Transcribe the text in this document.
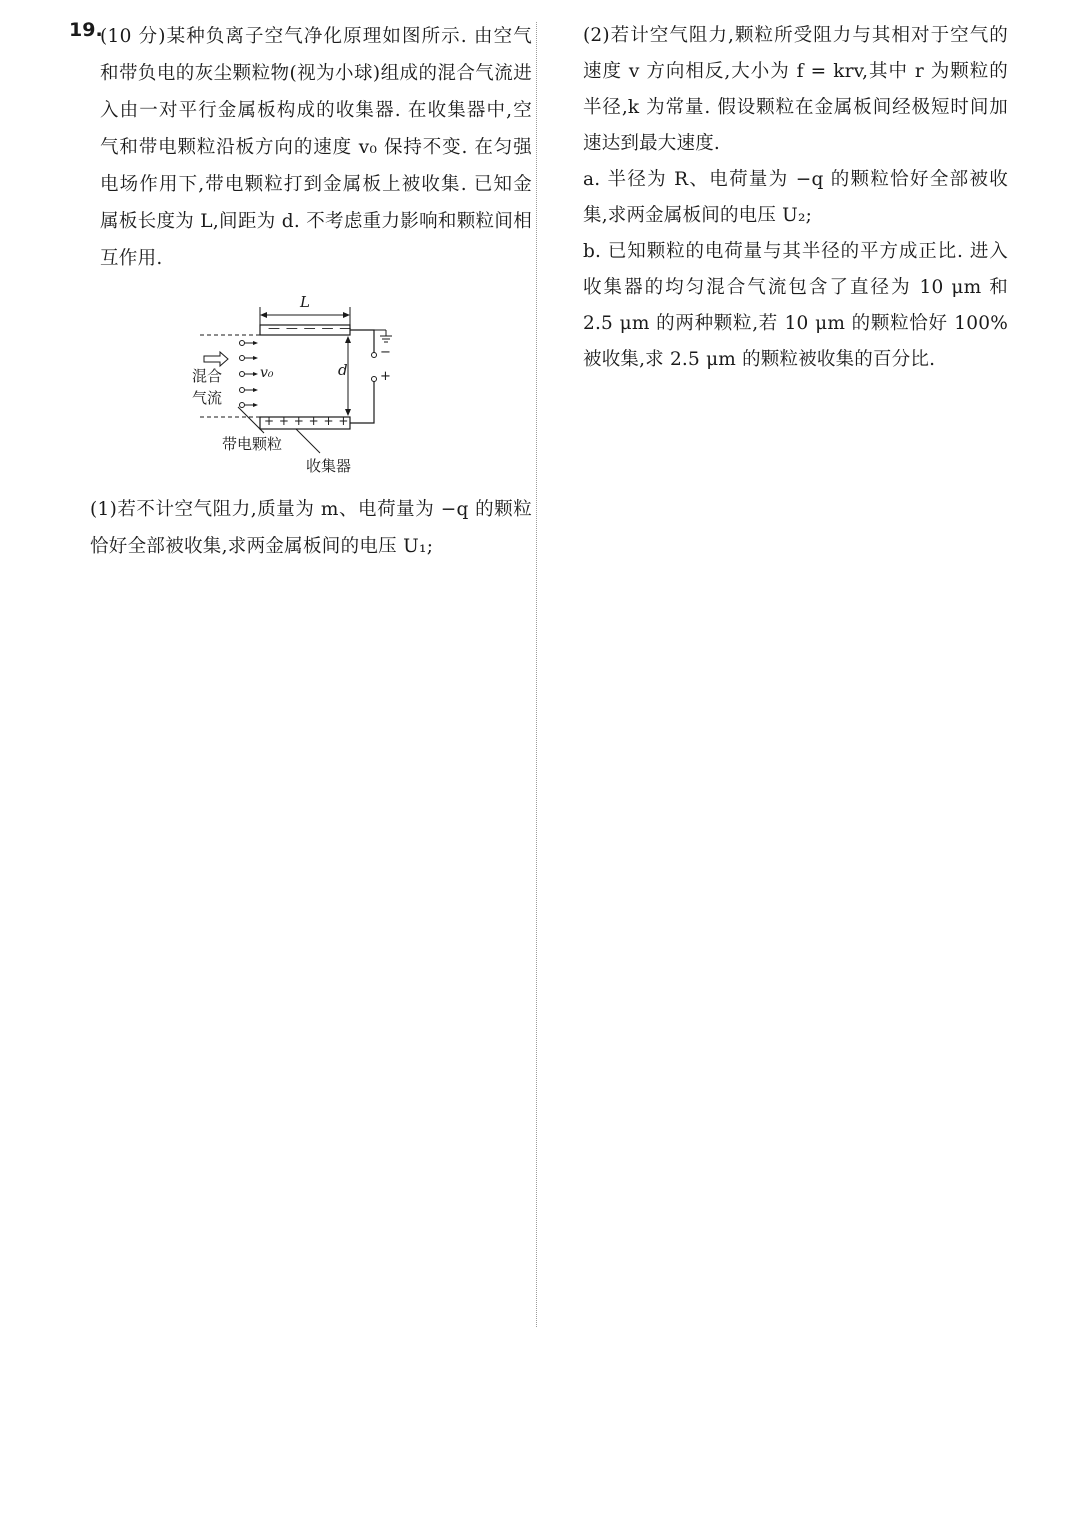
19.

(10 分)某种负离子空气净化原理如图所示. 由空气和带负电的灰尘颗粒物(视为小球)组成的混合气流进入由一对平行金属板构成的收集器. 在收集器中,空气和带电颗粒沿板方向的速度 v₀ 保持不变. 在匀强电场作用下,带电颗粒打到金属板上被收集. 已知金属板长度为 L,间距为 d. 不考虑重力影响和颗粒间相互作用.

L
— — — — —
+ + + + + +
d
v₀
混合
气流
−
+
带电颗粒
收集器

(1)若不计空气阻力,质量为 m、电荷量为 −q 的颗粒恰好全部被收集,求两金属板间的电压 U₁;

(2)若计空气阻力,颗粒所受阻力与其相对于空气的速度 v 方向相反,大小为 f = krv,其中 r 为颗粒的半径,k 为常量. 假设颗粒在金属板间经极短时间加速达到最大速度.

a. 半径为 R、电荷量为 −q 的颗粒恰好全部被收集,求两金属板间的电压 U₂;

b. 已知颗粒的电荷量与其半径的平方成正比. 进入收集器的均匀混合气流包含了直径为 10 μm 和 2.5 μm 的两种颗粒,若 10 μm 的颗粒恰好 100% 被收集,求 2.5 μm 的颗粒被收集的百分比.
